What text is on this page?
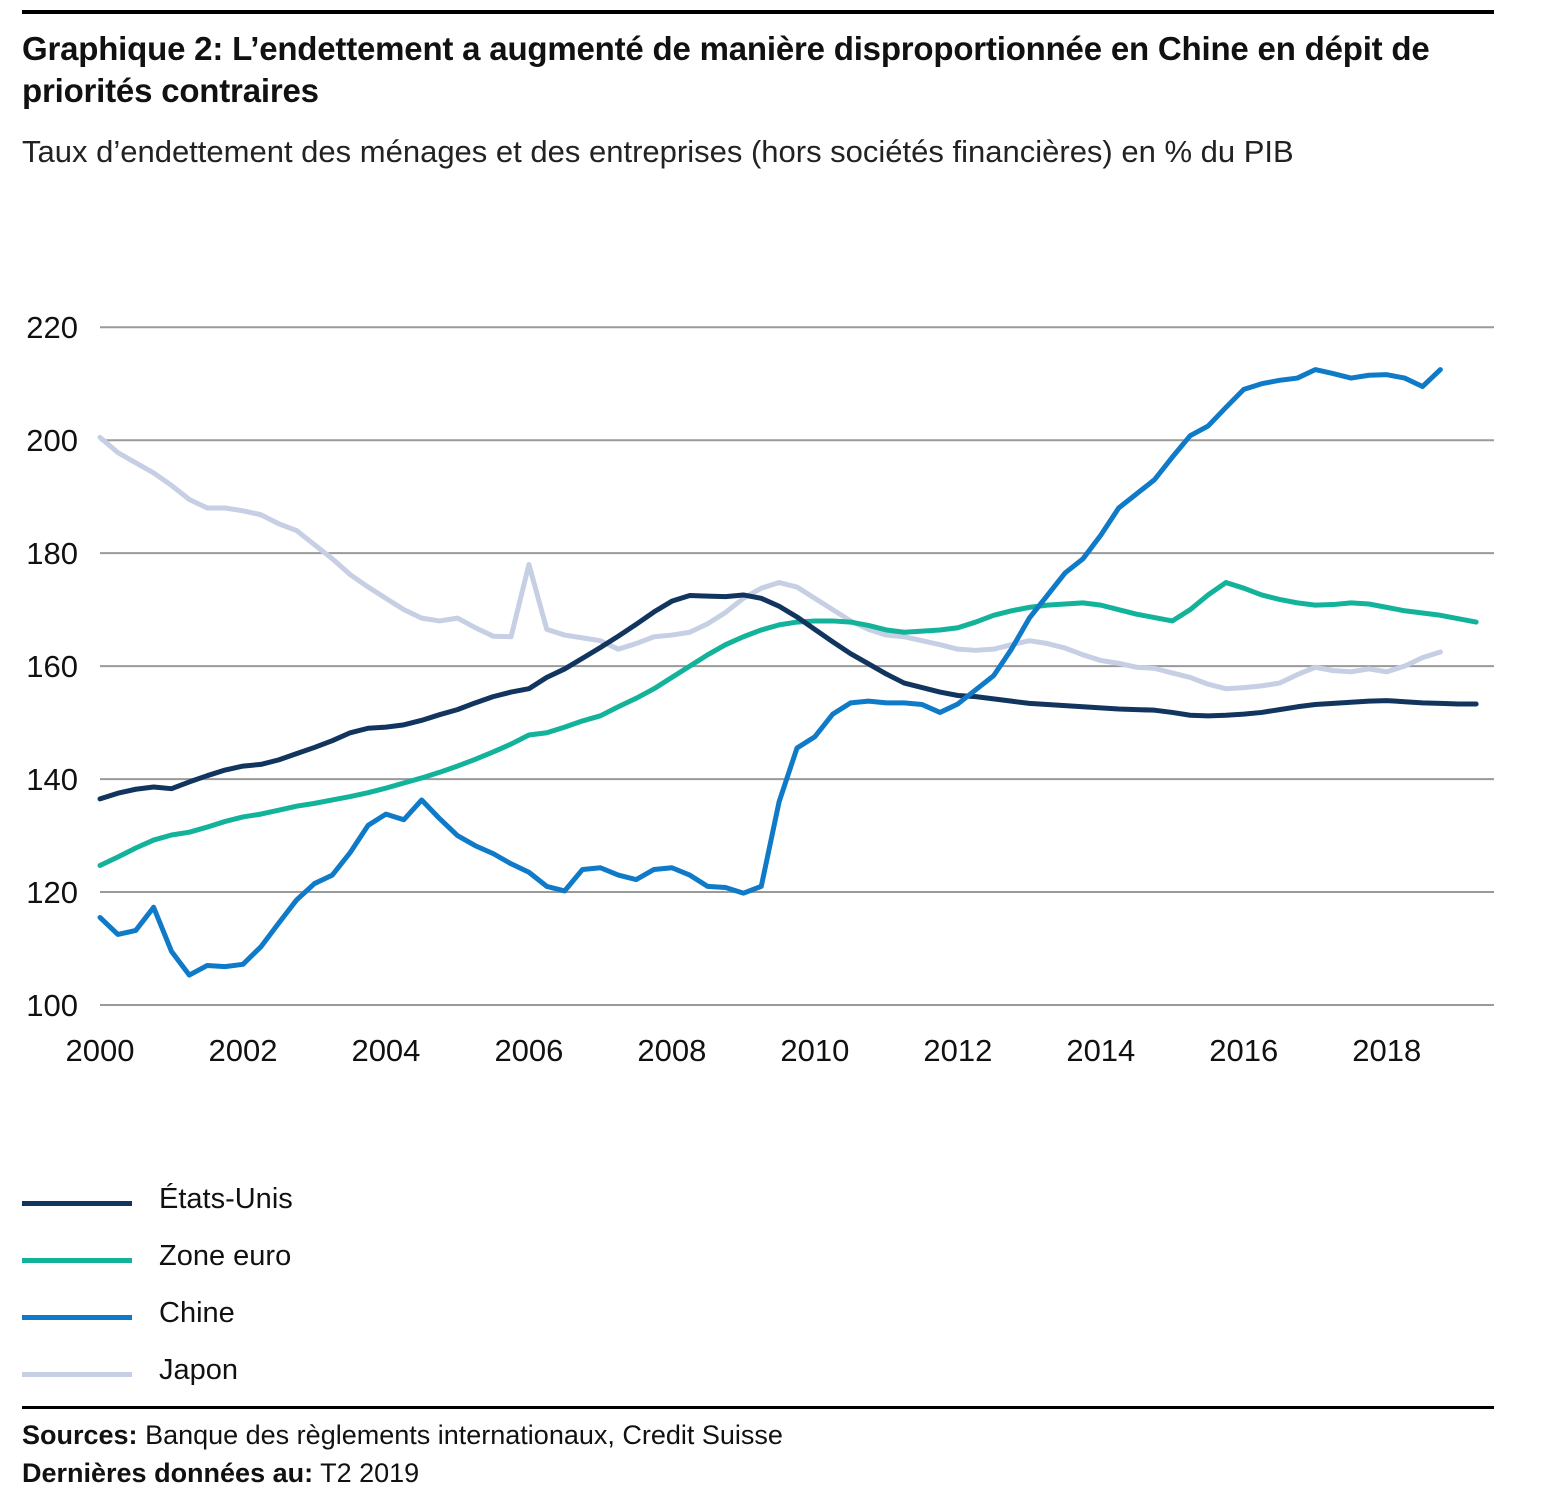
Graphique 2: L’endettement a augmenté de manière disproportionnée en Chine en dépit de priorités contraires
Taux d’endettement des ménages et des entreprises (hors sociétés financières) en % du PIB
100
120
140
160
180
200
220
2000 2002 2004 2006 2008 2010 2012 2014 2016 2018
États-Unis
Zone euro
Chine
Japon
Sources: Banque des règlements internationaux, Credit Suisse
Dernières données au: T2 2019
